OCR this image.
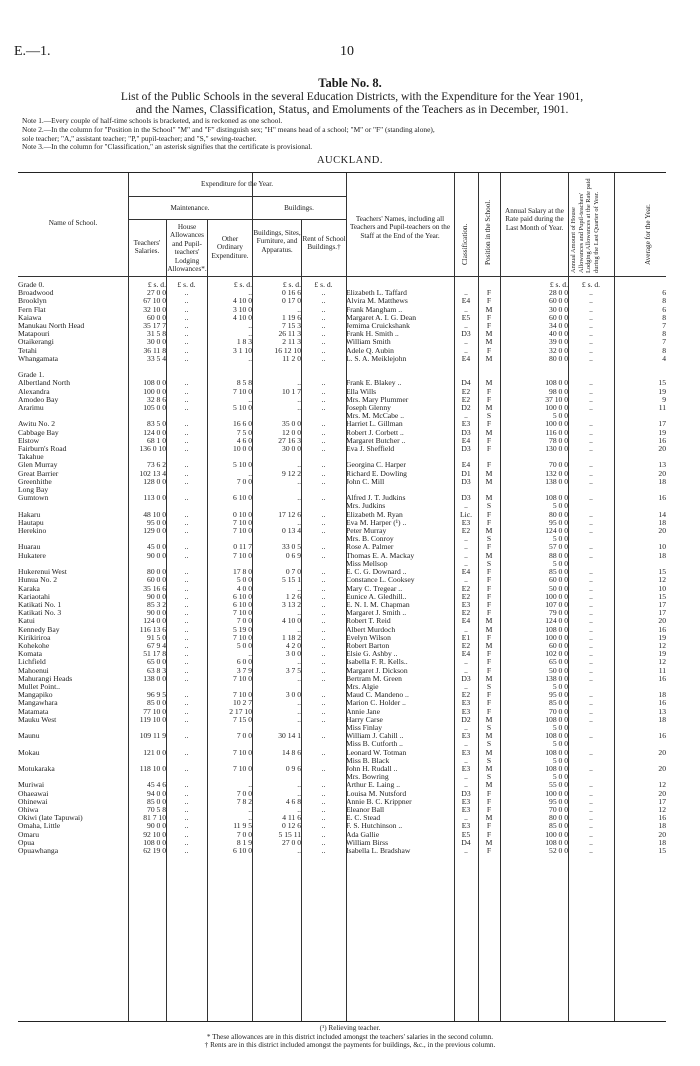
E.—1.	10
Table No. 8.
List of the Public Schools in the several Education Districts, with the Expenditure for the Year 1901,
and the Names, Classification, Status, and Emoluments of the Teachers as in December, 1901.
Note 1.—Every couple of half-time schools is bracketed, and is reckoned as one school.
Note 2.—In the column for "Position in the School" "M" and "F" distinguish sex; "H" means head of a school; "M" or "F" (standing alone),
sole teacher; "A," assistant teacher; "P," pupil-teacher; and "S," sewing-teacher.
Note 3.—In the column for "Classification," an asterisk signifies that the certificate is provisional.
AUCKLAND.
Name of School.
Expenditure for the Year.
Maintenance.	Buildings.
Teachers' Salaries.
House Allowances and Pupil-teachers' Lodging Allowances*.
Other Ordinary Expenditure.
Buildings, Sites, Furniture, and Apparatus.
Rent of School Buildings.†
Teachers' Names, including all Teachers and Pupil-teachers on the Staff at the End of the Year.	Classification. Position in the School.	Annual Salary at the Rate paid during the Last Month of Year.	Annual Amount of House Allowances and Pupil-teachers' Lodging Allowances at the Rate paid during the Last Quarter of Year.	Average for the Year.
Grade 0.	£ s. d.	£ s. d.	£ s. d.	£ s. d.	£ s. d.				£ s. d.	£ s. d.	
Broadwood	27 0 0	..	..	0 16 6	..	Elizabeth L. Taffard	..	F	28 0 0	..	6
Brooklyn	67 10 0	..	4 10 0	0 17 0	..	Alvira M. Matthews	E4	F	60 0 0	..	8
Fern Flat	32 10 0	..	3 10 0	..	..	Frank Mangham ..	..	M	30 0 0	..	6
Kaiawa	60 0 0	..	4 10 0	1 19 6	..	Margaret A. I. G. Dean	E5	F	60 0 0	..	8
Manukau North Head	35 17 7	..	..	7 15 3	..	Jemima Cruickshank	..	F	34 0 0	..	7
Matapouri	31 5 8	..	..	26 11 3	..	Frank H. Smith ..	D3	M	40 0 0	..	8
Otaikerangi	30 0 0	..	1 8 3	2 11 3	..	William Smith	..	M	39 0 0	..	7
Tetahi	36 11 8	..	3 1 10	16 12 10	..	Adele Q. Aubin	..	F	32 0 0	..	8
Whangamata	33 5 4	..	..	11 2 0	..	L. S. A. Meiklejohn	E4	M	80 0 0	..	4

Grade 1.											
Albertland North	108 0 0	..	8 5 8	..	..	Frank E. Blakey ..	D4	M	108 0 0	..	15
Alexandra	100 0 0	..	7 10 0	10 1 7	..	Ella Wills	E2	F	98 0 0	..	19
Amodeo Bay	32 8 6	..	..	..	..	Mrs. Mary Plummer	E2	F	37 10 0	..	9
Ararimu	105 0 0	..	5 10 0	..	..	Joseph Glenny	D2	M	100 0 0	..	11
						Mrs. M. McCabe ..	..	S	5 0 0		
Awitu No. 2	83 5 0	..	16 6 0	35 0 0	..	Harriet L. Gillman	E3	F	100 0 0	..	17
Cabbage Bay	124 0 0	..	7 5 0	12 0 0	..	Robert J. Corbett ..	D3	M	116 0 0	..	19
Elstow	68 1 0	..	4 6 0	27 16 3	..	Margaret Butcher ..	E4	F	78 0 0	..	16
Fairburn's Road	136 0 10	..	10 0 0	30 0 0	..	Eva J. Sheffield	D3	F	130 0 0	..	20
Takahue											
Glen Murray	73 6 2	..	5 10 0	..	..	Georgina C. Harper	E4	F	70 0 0	..	13
Great Barrier	102 13 4	..	..	9 12 2	..	Richard E. Dowling	D1	M	132 0 0	..	20
Greenhithe	128 0 0	..	7 0 0	..	..	John C. Mill	D3	M	138 0 0	..	18
Long Bay											
Gumtown	113 0 0	..	6 10 0	..	..	Alfred J. T. Judkins	D3	M	108 0 0	..	16
						Mrs. Judkins	..	S	5 0 0		
Hakaru	48 10 0	..	0 10 0	17 12 6	..	Elizabeth M. Ryan	Lic.	F	80 0 0	..	14
Hautapu	95 0 0	..	7 10 0	..	..	Eva M. Harper (¹) ..	E3	F	95 0 0	..	18
Herekino	129 0 0	..	7 10 0	0 13 4	..	Peter Murray	E2	M	124 0 0	..	20
						Mrs. B. Conroy	..	S	5 0 0		
Huarau	45 0 0	..	0 11 7	33 0 5	..	Rose A. Palmer	..	F	57 0 0	..	10
Hukatere	90 0 0	..	7 10 0	0 6 9	..	Thomas E. A. Mackay	..	M	88 0 0	..	18
						Miss Mellsop	..	S	5 0 0		
Hukerenui West	80 0 0	..	17 8 0	0 7 0	..	E. C. G. Downard ..	E4	F	85 0 0	..	15
Hunua No. 2	60 0 0	..	5 0 0	5 15 1	..	Constance L. Cooksey	..	F	60 0 0	..	12
Karaka	35 16 6	..	4 0 0	..	..	Mary C. Tregear ..	E2	F	50 0 0	..	10
Kariaotahi	90 0 0	..	6 10 0	1 2 6	..	Eunice A. Gledhill..	E2	F	100 0 0	..	15
Katikati No. 1	85 3 2	..	6 10 0	3 13 2	..	E. N. I. M. Chapman	E3	F	107 0 0	..	17
Katikati No. 3	90 0 0	..	7 10 0	..	..	Margaret J. Smith ..	E2	F	79 0 0	..	17
Katui	124 0 0	..	7 0 0	4 10 0	..	Robert T. Reid	E4	M	124 0 0	..	20
Kennedy Bay	116 13 6	..	5 19 0	..	..	Albert Murdoch	..	M	108 0 0	..	16
Kirikiriroa	91 5 0	..	7 10 0	1 18 2	..	Evelyn Wilson	E1	F	100 0 0	..	19
Kohekohe	67 9 4	..	5 0 0	4 2 0	..	Robert Barton	E2	M	60 0 0	..	12
Komata	51 17 8	..	..	3 0 0	..	Elsie G. Ashby ..	E4	F	102 0 0	..	19
Lichfield	65 0 0	..	6 0 0	..	..	Isabella F. R. Kells..	..	F	65 0 0	..	12
Mahoenui	63 8 3	..	3 7 9	3 7 5	..	Margaret J. Dickson	..	F	50 0 0	..	11
Mahurangi Heads	138 0 0	..	7 10 0	..	..	Bertram M. Green	D3	M	138 0 0	..	16
Mullet Point..						Mrs. Algie	..	S	5 0 0		
Mangapiko	96 9 5	..	7 10 0	3 0 0	..	Maud C. Mandeno ..	E2	F	95 0 0	..	18
Mangawhara	85 0 0	..	10 2 7	..	..	Marion C. Holder ..	E3	F	85 0 0	..	16
Matamata	77 10 0	..	2 17 10	..	..	Annie Jane	E3	F	70 0 0	..	13
Mauku West	119 10 0	..	7 15 0	..	..	Harry Carse	D2	M	108 0 0	..	18
						Miss Finlay	..	S	5 0 0		
Maunu	109 11 9	..	7 0 0	30 14 1	..	William J. Cahill ..	E3	M	108 0 0	..	16
						Miss B. Cutforth ..	..	S	5 0 0		
Mokau	121 0 0	..	7 10 0	14 8 6	..	Leonard W. Totman	E3	M	108 0 0	..	20
						Miss B. Black	..	S	5 0 0		
Motukaraka	118 10 0	..	7 10 0	0 9 6	..	John H. Rudall ..	E3	M	108 0 0	..	20
						Mrs. Bowring	..	S	5 0 0		
Muriwai	45 4 6	..	..	..	..	Arthur E. Laing ..	..	M	55 0 0	..	12
Ohaeawai	94 0 0	..	7 0 0	..	..	Louisa M. Nutsford	D3	F	100 0 0	..	20
Ohinewai	85 0 0	..	7 8 2	4 6 8	..	Annie B. C. Krippner	E3	F	95 0 0	..	17
Ohiwa	70 5 8	..	..	..	..	Eleanor Ball	E3	F	70 0 0	..	12
Okiwi (late Tapuwai)	81 7 10	..	..	4 11 6	..	E. C. Stead	..	M	80 0 0	..	16
Omaha, Little	90 0 0	..	11 9 5	0 12 6	..	F. S. Hutchinson ..	E3	F	85 0 0	..	18
Omaru	92 10 0	..	7 0 0	5 15 11	..	Ada Gallie	E5	F	100 0 0	..	20
Opua	108 0 0	..	8 1 9	27 0 0	..	William Birss	D4	M	108 0 0	..	18
Opuawhanga	62 19 0	..	6 10 0	..	..	Isabella L. Bradshaw	..	F	52 0 0	..	15
(¹) Relieving teacher.
* These allowances are in this district included amongst the teachers' salaries in the second column.
† Rents are in this district included amongst the payments for buildings, &c., in the previous column.
